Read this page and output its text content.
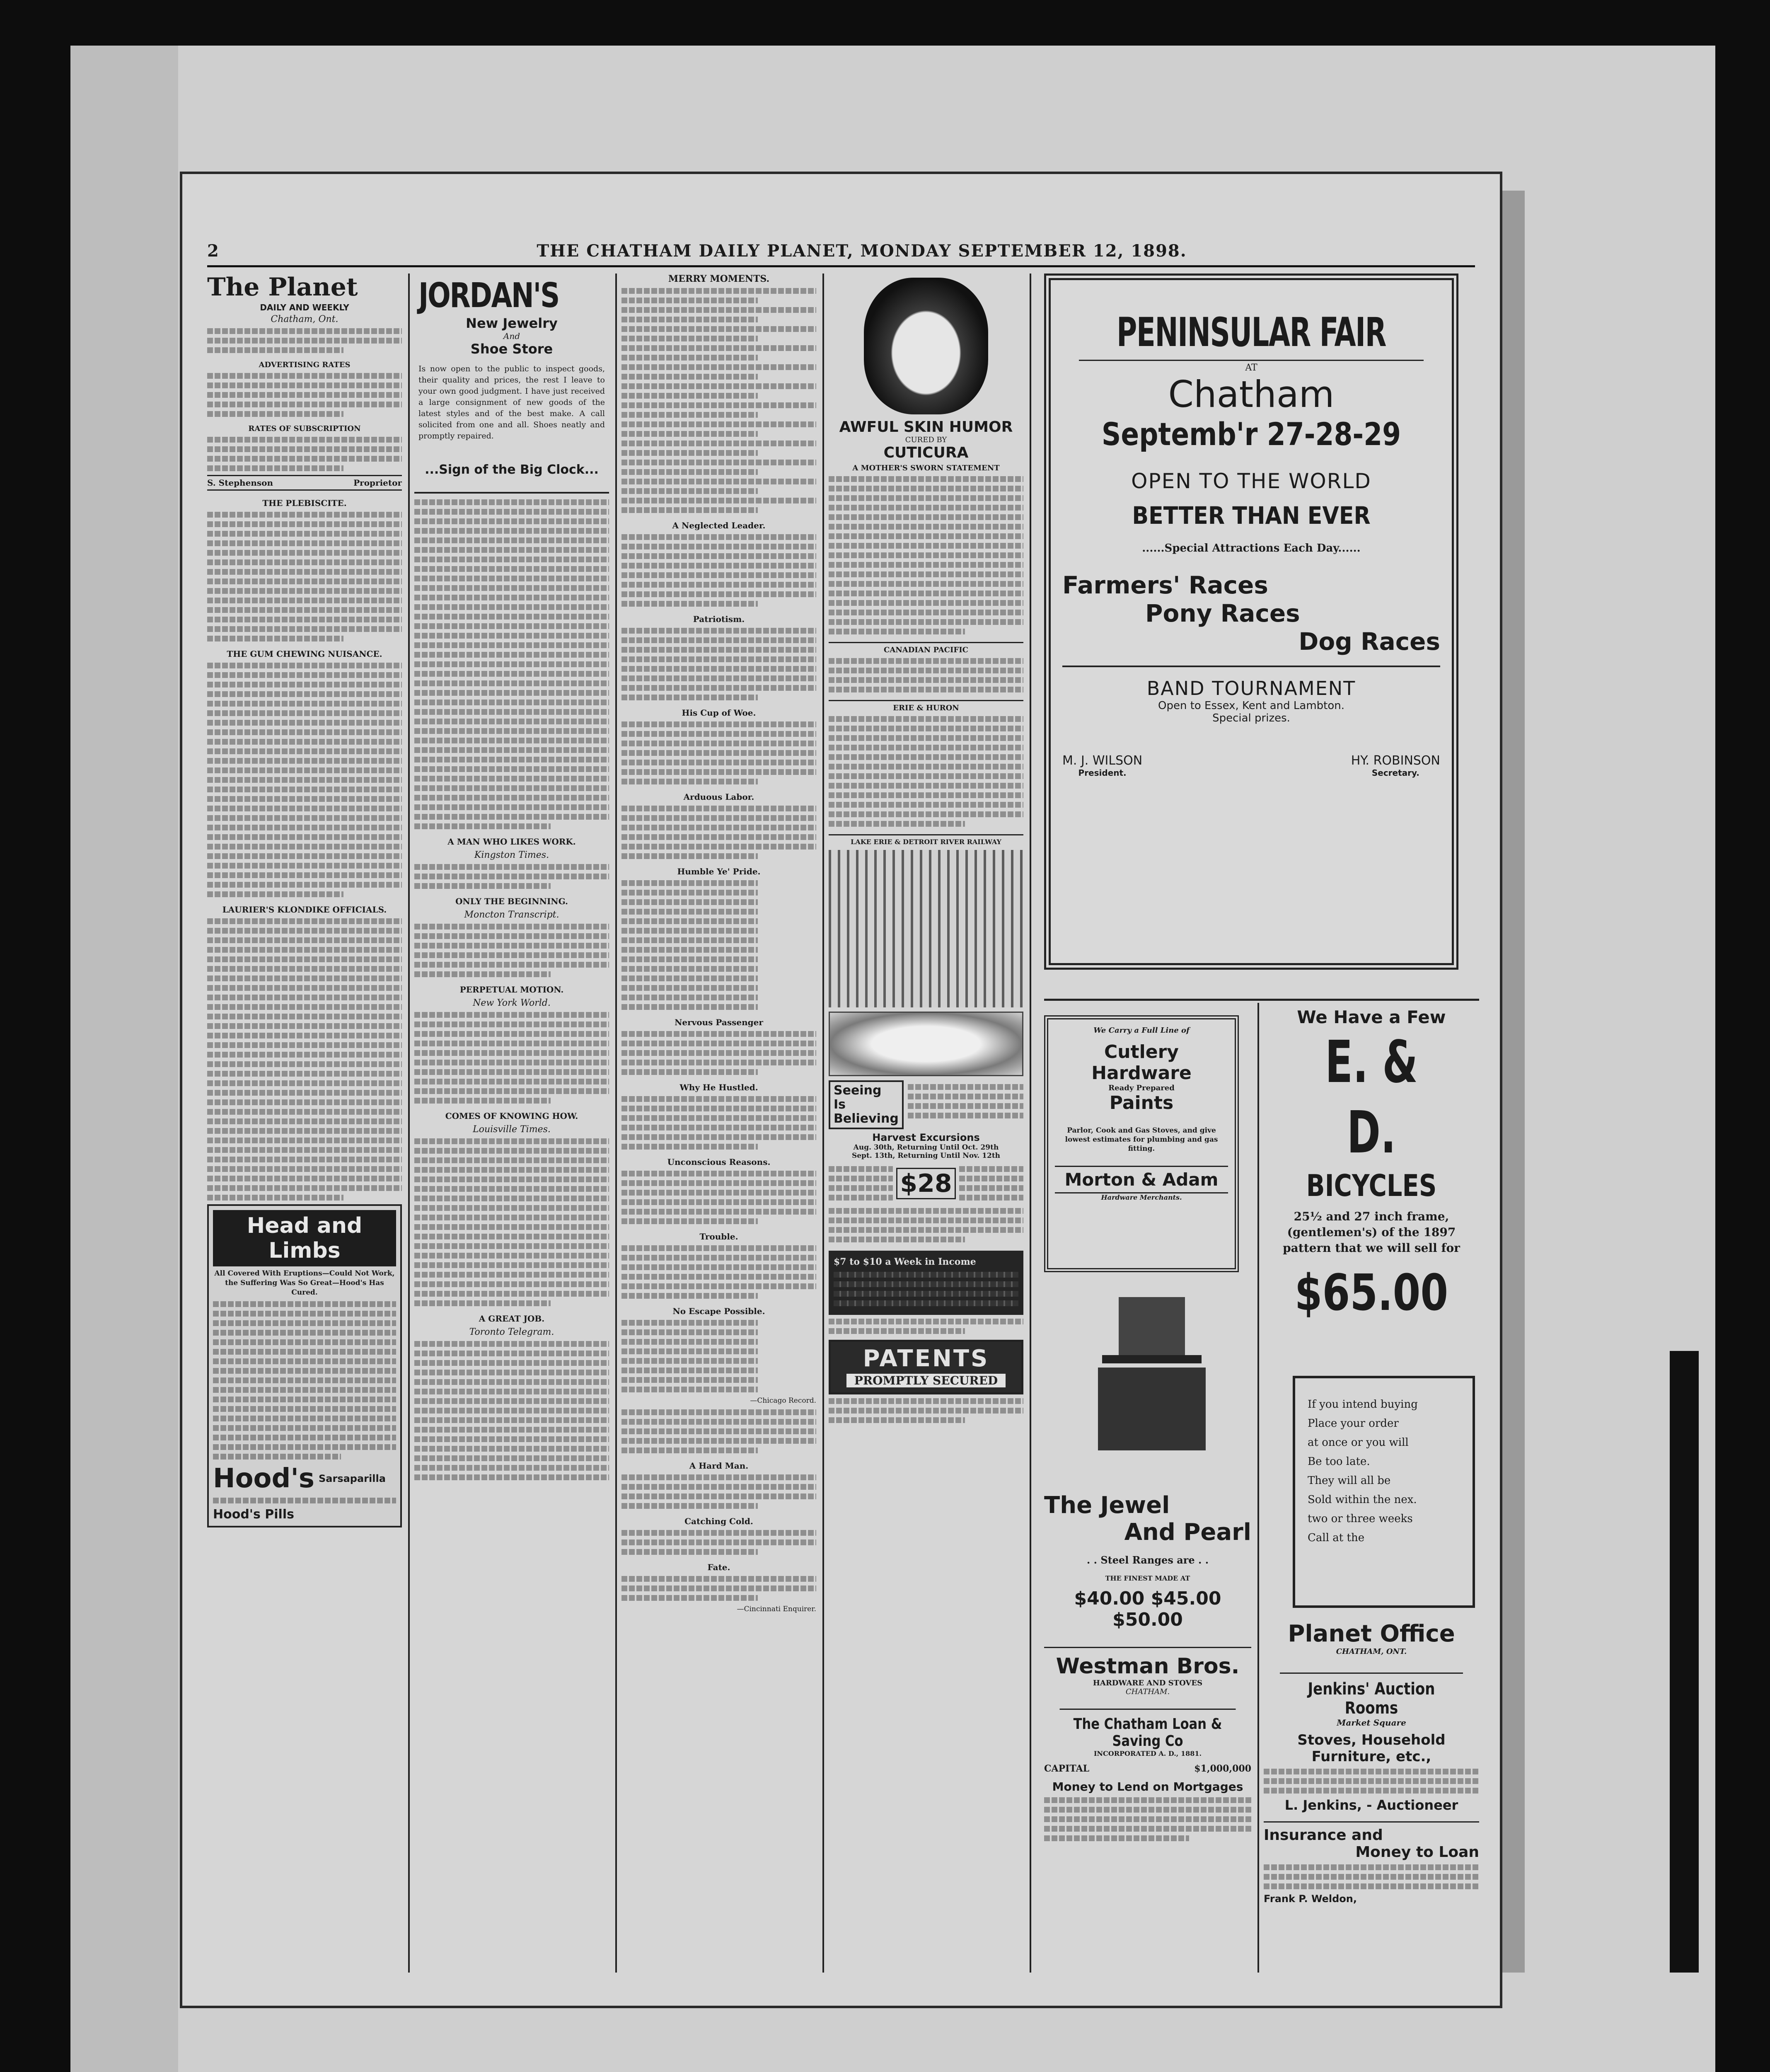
2	THE CHATHAM DAILY PLANET, MONDAY SEPTEMBER 12, 1898.
The Planet
DAILY AND WEEKLY
Chatham, Ont.
ADVERTISING RATES
RATES OF SUBSCRIPTION
S. Stephenson	Proprietor
THE PLEBISCITE.
THE GUM CHEWING NUISANCE.
LAURIER'S KLONDIKE OFFICIALS.
Head and Limbs
All Covered With Eruptions—Could Not Work, the Suffering Was So Great—Hood's Has Cured.
Hood's Sarsaparilla
Hood's Pills
JORDAN'S
New Jewelry
And
Shoe Store
Is now open to the public to inspect goods, their quality and prices, the rest I leave to your own good judgment. I have just received a large consignment of new goods of the latest styles and of the best make. A call solicited from one and all. Shoes neatly and promptly repaired.
...Sign of the Big Clock...
A MAN WHO LIKES WORK.
Kingston Times.
ONLY THE BEGINNING.
Moncton Transcript.
PERPETUAL MOTION.
New York World.
COMES OF KNOWING HOW.
Louisville Times.
A GREAT JOB.
Toronto Telegram.
MERRY MOMENTS.
A Neglected Leader.
Patriotism.
His Cup of Woe.
Arduous Labor.
Humble Ye' Pride.
Nervous Passenger
Why He Hustled.
Unconscious Reasons.
Trouble.
No Escape Possible.
—Chicago Record.
A Hard Man.
Catching Cold.
Fate.
—Cincinnati Enquirer.
AWFUL SKIN HUMOR
CURED BY
CUTICURA
A MOTHER'S SWORN STATEMENT
CANADIAN PACIFIC
ERIE & HURON
LAKE ERIE & DETROIT RIVER RAILWAY
Seeing
Is
Believing
Harvest Excursions
Aug. 30th, Returning Until Oct. 29th
Sept. 13th, Returning Until Nov. 12th
$28
$7 to $10 a Week in Income
PATENTS
PROMPTLY SECURED
PENINSULAR FAIR
AT
Chatham
Septemb'r 27-28-29
OPEN TO THE WORLD
BETTER THAN EVER
......Special Attractions Each Day......
Farmers' Races
Pony Races
Dog Races
BAND TOURNAMENT
Open to Essex, Kent and Lambton.
Special prizes.
M. J. WILSON
President.
HY. ROBINSON
Secretary.
We Carry a Full Line of
Cutlery
Hardware
Ready Prepared
Paints
Parlor, Cook and Gas Stoves, and give lowest estimates for plumbing and gas fitting.
Morton & Adam
Hardware Merchants.
The Jewel
And Pearl
. . Steel Ranges are . .
THE FINEST MADE AT
$40.00 $45.00 $50.00
Westman Bros.
HARDWARE AND STOVES
CHATHAM.
The Chatham Loan & Saving Co
INCORPORATED A. D., 1881.
CAPITAL	$1,000,000
Money to Lend on Mortgages
We Have a Few
E. & D.
BICYCLES
25½ and 27 inch frame, (gentlemen's) of the 1897 pattern that we will sell for
$65.00
If you intend buying
Place your order
at once or you will
Be too late.
They will all be
Sold within the nex.
two or three weeks
Call at the
Planet Office
CHATHAM, ONT.
Jenkins' Auction Rooms
Market Square
Stoves, Household Furniture, etc.,
L. Jenkins, - Auctioneer
Insurance and
Money to Loan
Frank P. Weldon,
